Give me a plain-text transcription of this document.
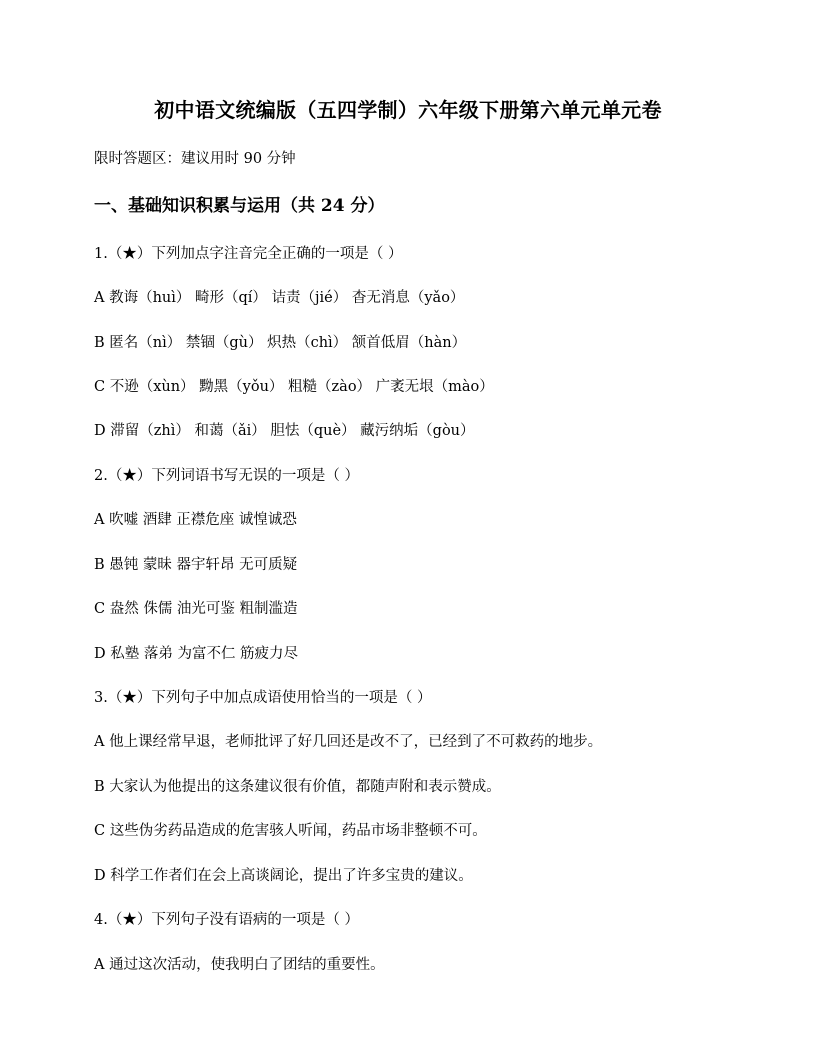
初中语文统编版（五四学制）六年级下册第六单元单元卷
限时答题区：建议用时 90 分钟
一、基础知识积累与运用（共 24 分）
1.（★）下列加点字注音完全正确的一项是（ ）
A 教诲（huì） 畸形（qí） 诘责（jié） 杳无消息（yǎo）
B 匿名（nì） 禁锢（gù） 炽热（chì） 颔首低眉（hàn）
C 不逊（xùn） 黝黑（yǒu） 粗糙（zào） 广袤无垠（mào）
D 滞留（zhì） 和蔼（ǎi） 胆怯（què） 藏污纳垢（gòu）
2.（★）下列词语书写无误的一项是（ ）
A 吹嘘 酒肆 正襟危座 诚惶诚恐
B 愚钝 蒙昧 器宇轩昂 无可质疑
C 盎然 侏儒 油光可鉴 粗制滥造
D 私塾 落弟 为富不仁 筋疲力尽
3.（★）下列句子中加点成语使用恰当的一项是（ ）
A 他上课经常早退，老师批评了好几回还是改不了，已经到了不可救药的地步。
B 大家认为他提出的这条建议很有价值，都随声附和表示赞成。
C 这些伪劣药品造成的危害骇人听闻，药品市场非整顿不可。
D 科学工作者们在会上高谈阔论，提出了许多宝贵的建议。
4.（★）下列句子没有语病的一项是（ ）
A 通过这次活动，使我明白了团结的重要性。
